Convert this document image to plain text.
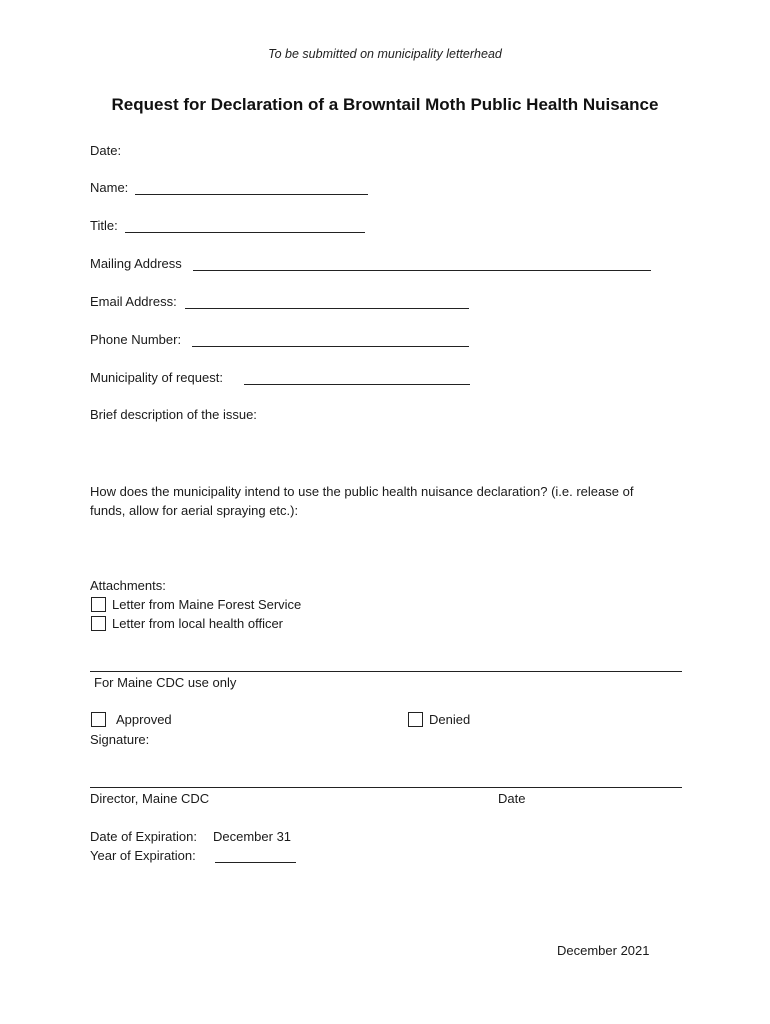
To be submitted on municipality letterhead
Request for Declaration of a Browntail Moth Public Health Nuisance
Date:
Name:
Title:
Mailing Address
Email Address:
Phone Number:
Municipality of request:
Brief description of the issue:
How does the municipality intend to use the public health nuisance declaration? (i.e. release of
funds, allow for aerial spraying etc.):
Attachments:
Letter from Maine Forest Service
Letter from local health officer
For Maine CDC use only
Approved	Denied
Signature:
Director, Maine CDC	Date
Date of Expiration: December 31
Year of Expiration:
December 2021
